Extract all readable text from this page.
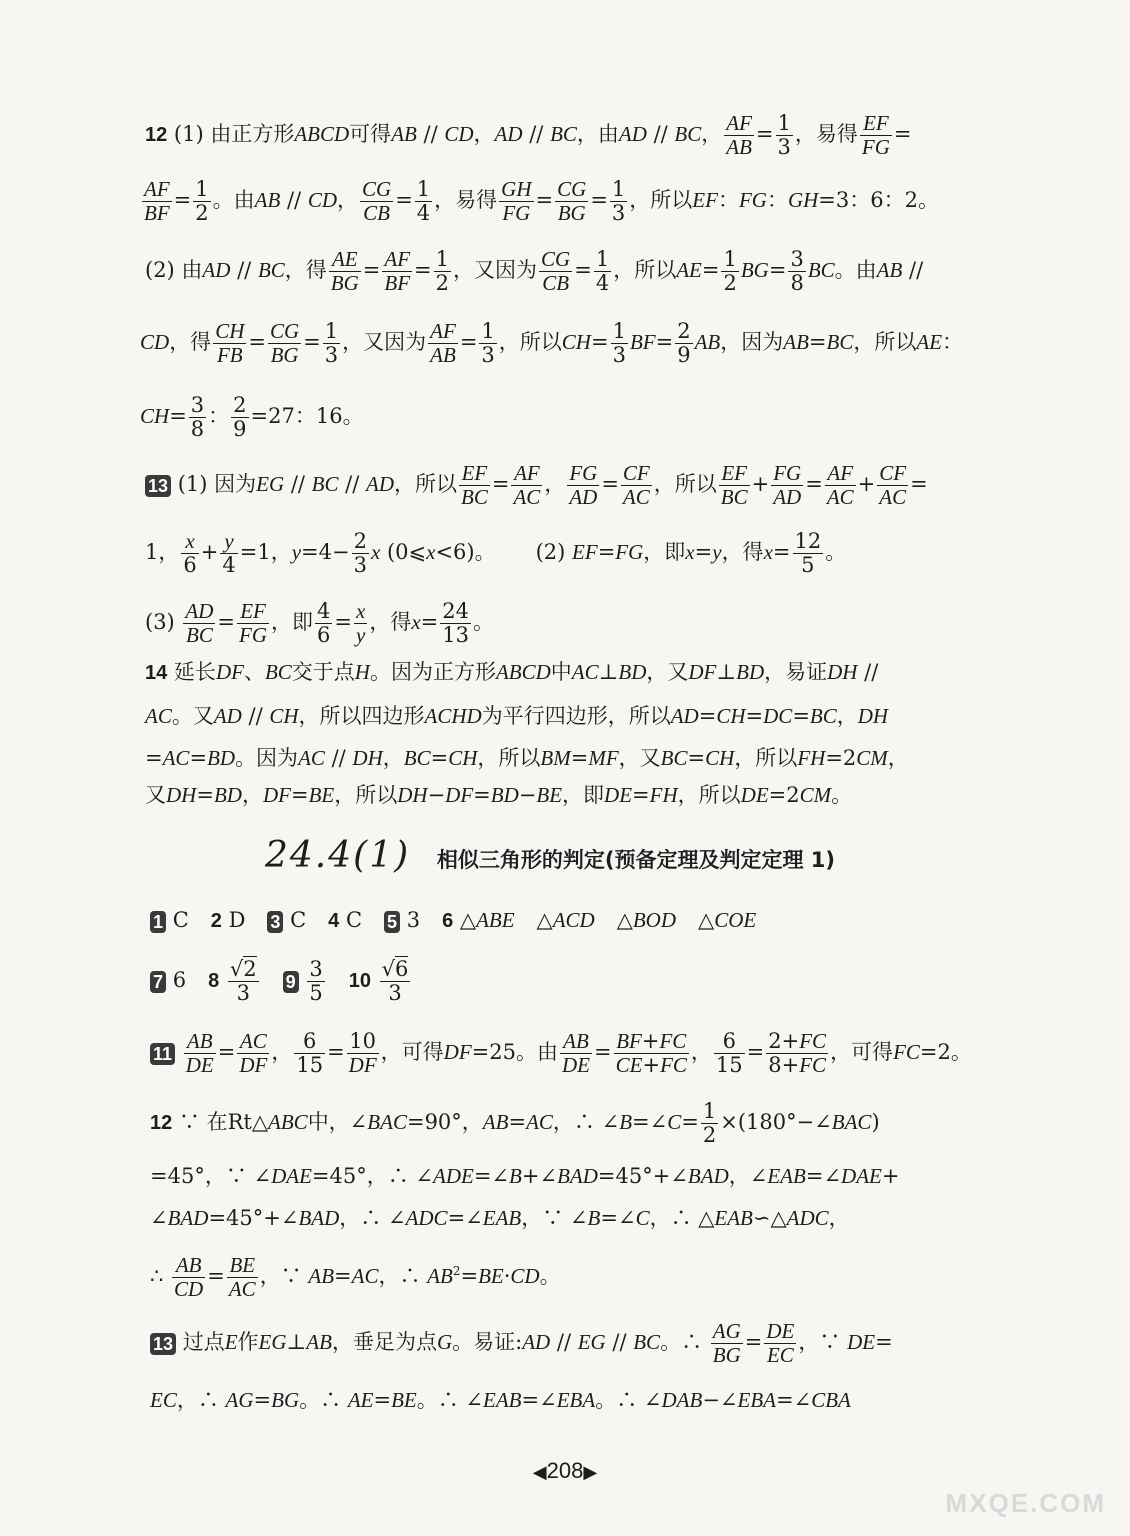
12 (1) 由正方形ABCD可得AB // CD，AD // BC，由AD // BC， $\frac{AF}{AB} = \frac{1}{3}$ ，易得 $\frac{EF}{FG}$ =
$\frac{AF}{BF} = \frac{1}{2}$ 。由AB // CD， $\frac{CG}{CB} = \frac{1}{4}$ ，易得 $\frac{GH}{FG} = \frac{CG}{BG} = \frac{1}{3}$ ，所以EF：FG：GH=3：6：2。
(2) 由AD // BC，得 $\frac{AE}{BG} = \frac{AF}{BF} = \frac{1}{2}$ ，又因为 $\frac{CG}{CB} = \frac{1}{4}$ ，所以$AE= \frac{1}{2} BG= \frac{3}{8}$ BC。由AB //
CD，得 $\frac{CH}{FB} = \frac{CG}{BG} = \frac{1}{3}$ ，又因为 $\frac{AF}{AB} = \frac{1}{3}$ ，所以$CH= \frac{1}{3} BF= \frac{2}{9}$ AB，因为AB=BC，所以AE：
$CH= \frac{3}{8}$ ： $\frac{2}{9} =27$：16。
13 (1) 因为EG // BC // AD，所以 $\frac{EF}{BC} = \frac{AF}{AC}$ ， $\frac{FG}{AD} = \frac{CF}{AC}$ ，所以 $\frac{EF}{BC} + \frac{FG}{AD} = \frac{AF}{AC} + \frac{CF}{AC}$ =
1， $\frac{x}{6} + \frac{y}{4} =1$，$y=4- \frac{2}{3}$ x (0⩽x<6)。 (2) EF=FG，即x=y，得$x= \frac{12}{5}$ 。
$(3) \frac{AD}{BC} = \frac{EF}{FG}$ ，即 $\frac{4}{6} = \frac{x}{y}$ ，得$x= \frac{24}{13}$ 。
14 延长DF、BC交于点H。因为正方形ABCD中AC⊥BD，又DF⊥BD，易证DH //
AC。又AD // CH，所以四边形ACHD为平行四边形，所以AD=CH=DC=BC，DH
=AC=BD。因为AC // DH，BC=CH，所以BM=MF，又BC=CH，所以FH=2CM，
又DH=BD，DF=BE，所以DH−DF=BD−BE，即DE=FH，所以DE=2CM。
24.4(1) 相似三角形的判定(预备定理及判定定理 1)
1 C 2 D 3 C 4 C 5 3 6 △ABE △ACD △BOD △COE
7 6 $8 \frac{√2}{3} 9 \frac{3}{5} 10 \frac{√6}{3}$
$11 \frac{AB}{DE} = \frac{AC}{DF}$ ， $\frac{6}{15} = \frac{10}{DF}$ ，可得DF=25。由 $\frac{AB}{DE} = \frac{BF+FC}{CE+FC}$ ， $\frac{6}{15} = \frac{2+FC}{8+FC}$ ，可得FC=2。
12 ∵ 在Rt△ABC中，∠BAC=90°，AB=AC，∴ ∠B=∠C= $\frac{1}{2}$ ×(180°−∠BAC)
=45°，∵ ∠DAE=45°，∴ ∠ADE=∠B+∠BAD=45°+∠BAD，∠EAB=∠DAE+
∠BAD=45°+∠BAD，∴ ∠ADC=∠EAB，∵ ∠B=∠C，∴ △EAB∽△ADC，
∴ $\frac{AB}{CD} = \frac{BE}{AC}$ ，∵ AB=AC，∴ $AB^2=BE\cdot CD$。
13 过点E作EG⊥AB，垂足为点G。易证:AD // EG // BC。∴ $\frac{AG}{BG} = \frac{DE}{EC}$ ，∵ DE=
EC，∴ AG=BG。∴ AE=BE。∴ ∠EAB=∠EBA。∴ ∠DAB−∠EBA=∠CBA
◀208▶
MXQE.COM
